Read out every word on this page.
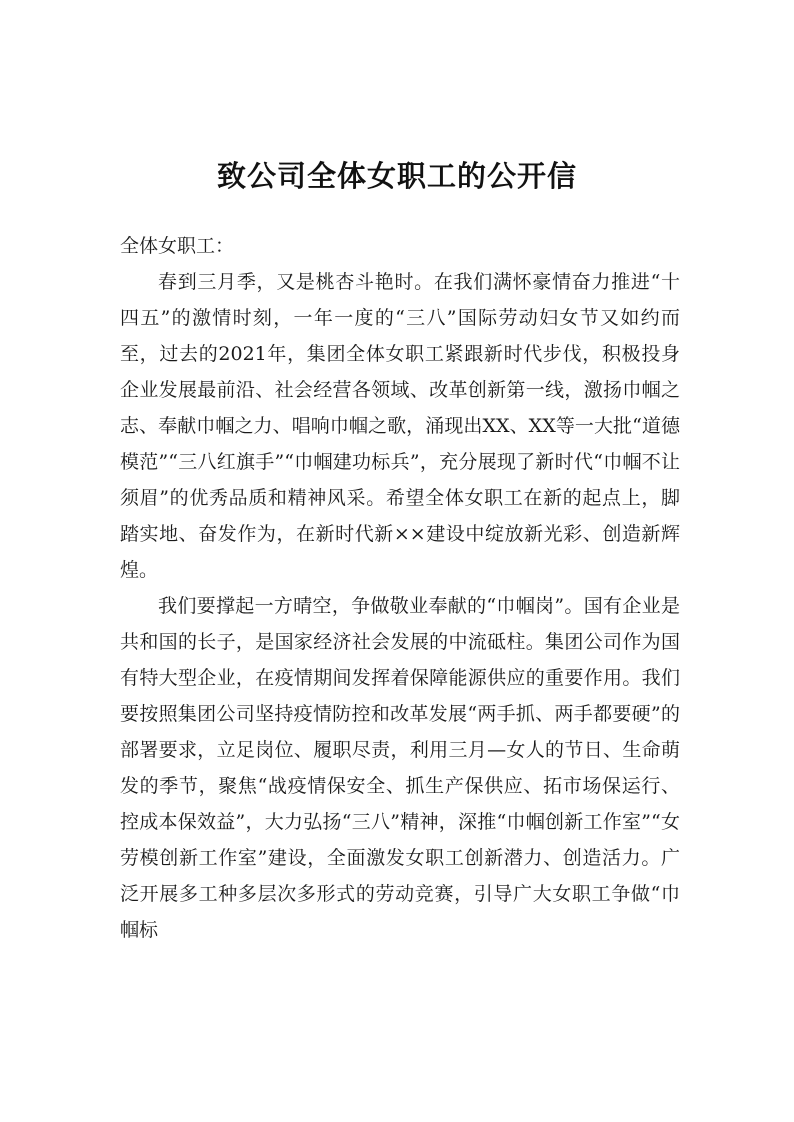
致公司全体女职工的公开信

全体女职工：

春到三月季，又是桃杏斗艳时。在我们满怀豪情奋力推进“十四五”的激情时刻，一年一度的“三八”国际劳动妇女节又如约而至，过去的2021年，集团全体女职工紧跟新时代步伐，积极投身企业发展最前沿、社会经营各领域、改革创新第一线，激扬巾帼之志、奉献巾帼之力、唱响巾帼之歌，涌现出XX、XX等一大批“道德模范”“三八红旗手”“巾帼建功标兵”，充分展现了新时代“巾帼不让须眉”的优秀品质和精神风采。希望全体女职工在新的起点上，脚踏实地、奋发作为，在新时代新××建设中绽放新光彩、创造新辉煌。

我们要撑起一方晴空，争做敬业奉献的“巾帼岗”。国有企业是共和国的长子，是国家经济社会发展的中流砥柱。集团公司作为国有特大型企业，在疫情期间发挥着保障能源供应的重要作用。我们要按照集团公司坚持疫情防控和改革发展“两手抓、两手都要硬”的部署要求，立足岗位、履职尽责，利用三月—女人的节日、生命萌发的季节，聚焦“战疫情保安全、抓生产保供应、拓市场保运行、控成本保效益”，大力弘扬“三八”精神，深推“巾帼创新工作室”“女劳模创新工作室”建设，全面激发女职工创新潜力、创造活力。广泛开展多工种多层次多形式的劳动竞赛，引导广大女职工争做“巾帼标
